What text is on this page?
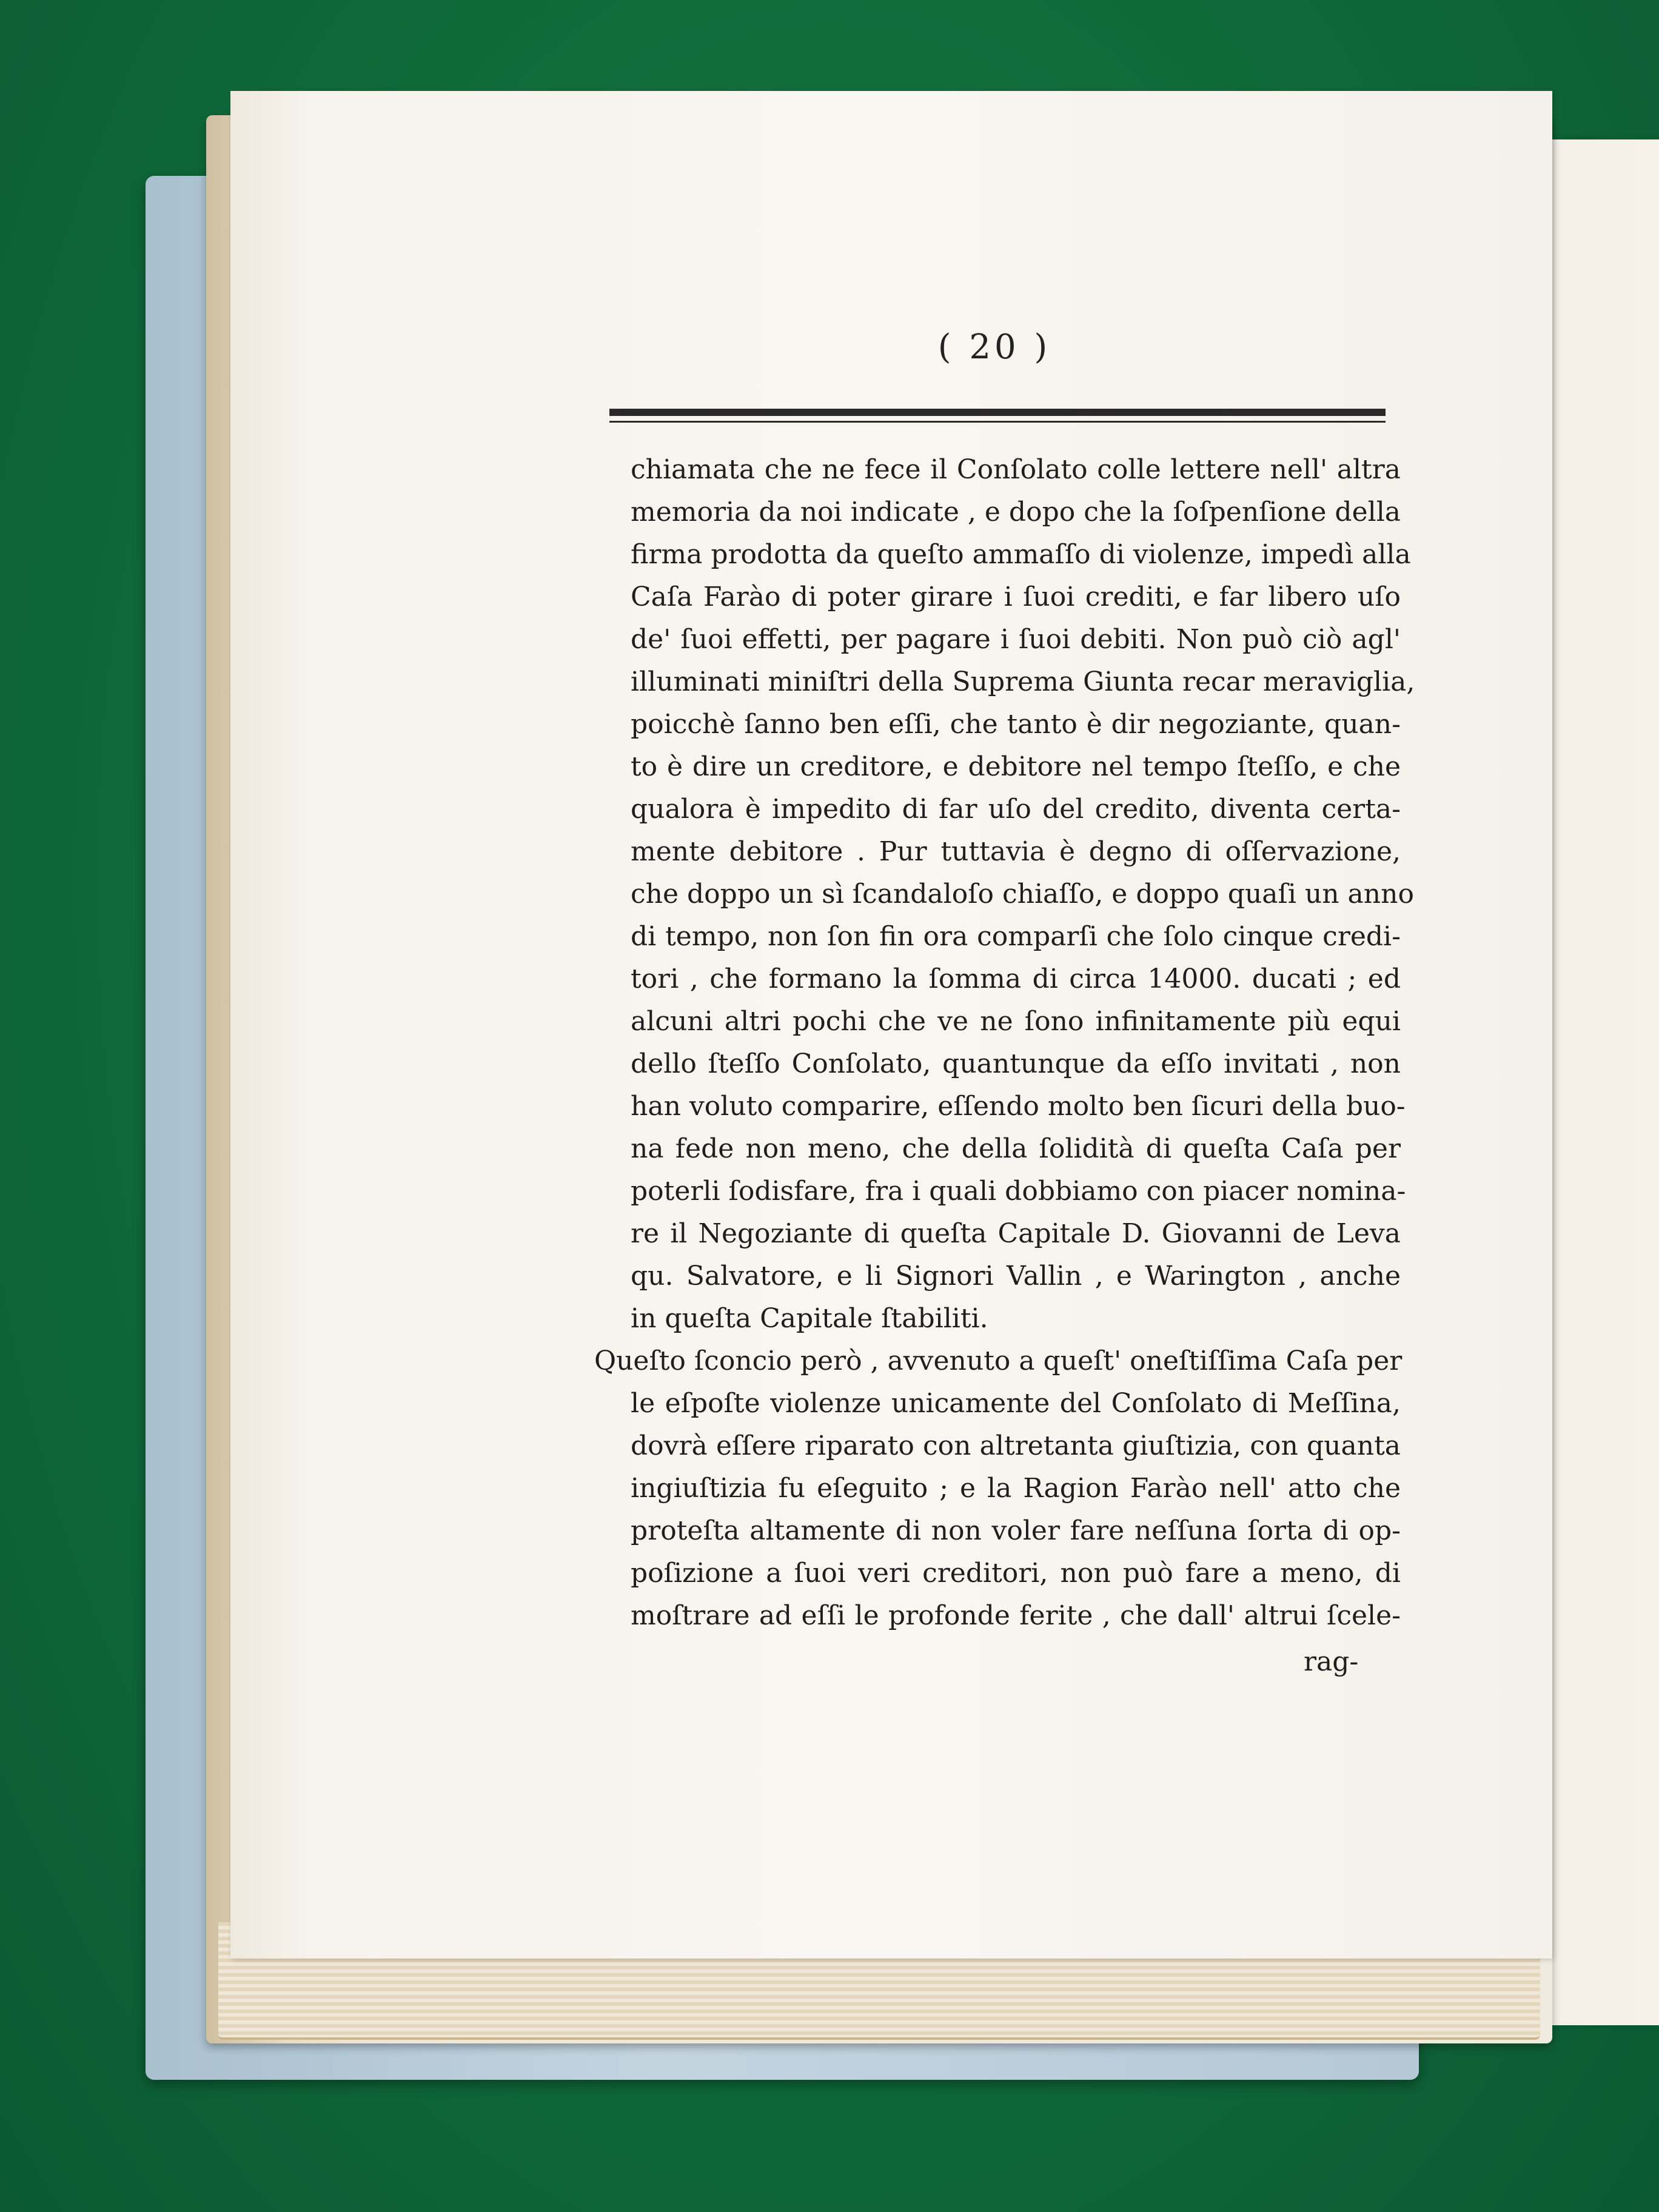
( 20 )
chiamata che ne fece il Conſolato colle lettere nell' altra
memoria da noi indicate , e dopo che la ſoſpenſione della
firma prodotta da queſto ammaſſo di violenze, impedì alla
Caſa Farào di poter girare i ſuoi crediti, e far libero uſo
de' ſuoi effetti, per pagare i ſuoi debiti. Non può ciò agl'
illuminati miniſtri della Suprema Giunta recar meraviglia,
poicchè ſanno ben eſſi, che tanto è dir negoziante, quan-
to è dire un creditore, e debitore nel tempo ſteſſo, e che
qualora è impedito di far uſo del credito, diventa certa-
mente debitore . Pur tuttavia è degno di oſſervazione,
che doppo un sì ſcandaloſo chiaſſo, e doppo quaſi un anno
di tempo, non ſon fin ora comparſi che ſolo cinque credi-
tori , che formano la ſomma di circa 14000. ducati ; ed
alcuni altri pochi che ve ne ſono infinitamente più equi
dello ſteſſo Conſolato, quantunque da eſſo invitati , non
han voluto comparire, eſſendo molto ben ſicuri della buo-
na fede non meno, che della ſolidità di queſta Caſa per
poterli ſodisfare, fra i quali dobbiamo con piacer nomina-
re il Negoziante di queſta Capitale D. Giovanni de Leva
qu. Salvatore, e li Signori Vallin , e Warington , anche
in queſta Capitale ſtabiliti.
Queſto ſconcio però , avvenuto a queſt' oneſtiſſima Caſa per
le eſpoſte violenze unicamente del Conſolato di Meſſina,
dovrà eſſere riparato con altretanta giuſtizia, con quanta
ingiuſtizia fu eſeguito ; e la Ragion Farào nell' atto che
proteſta altamente di non voler fare neſſuna ſorta di op-
poſizione a ſuoi veri creditori, non può fare a meno, di
moſtrare ad eſſi le profonde ferite , che dall' altrui ſcele-
rag-
